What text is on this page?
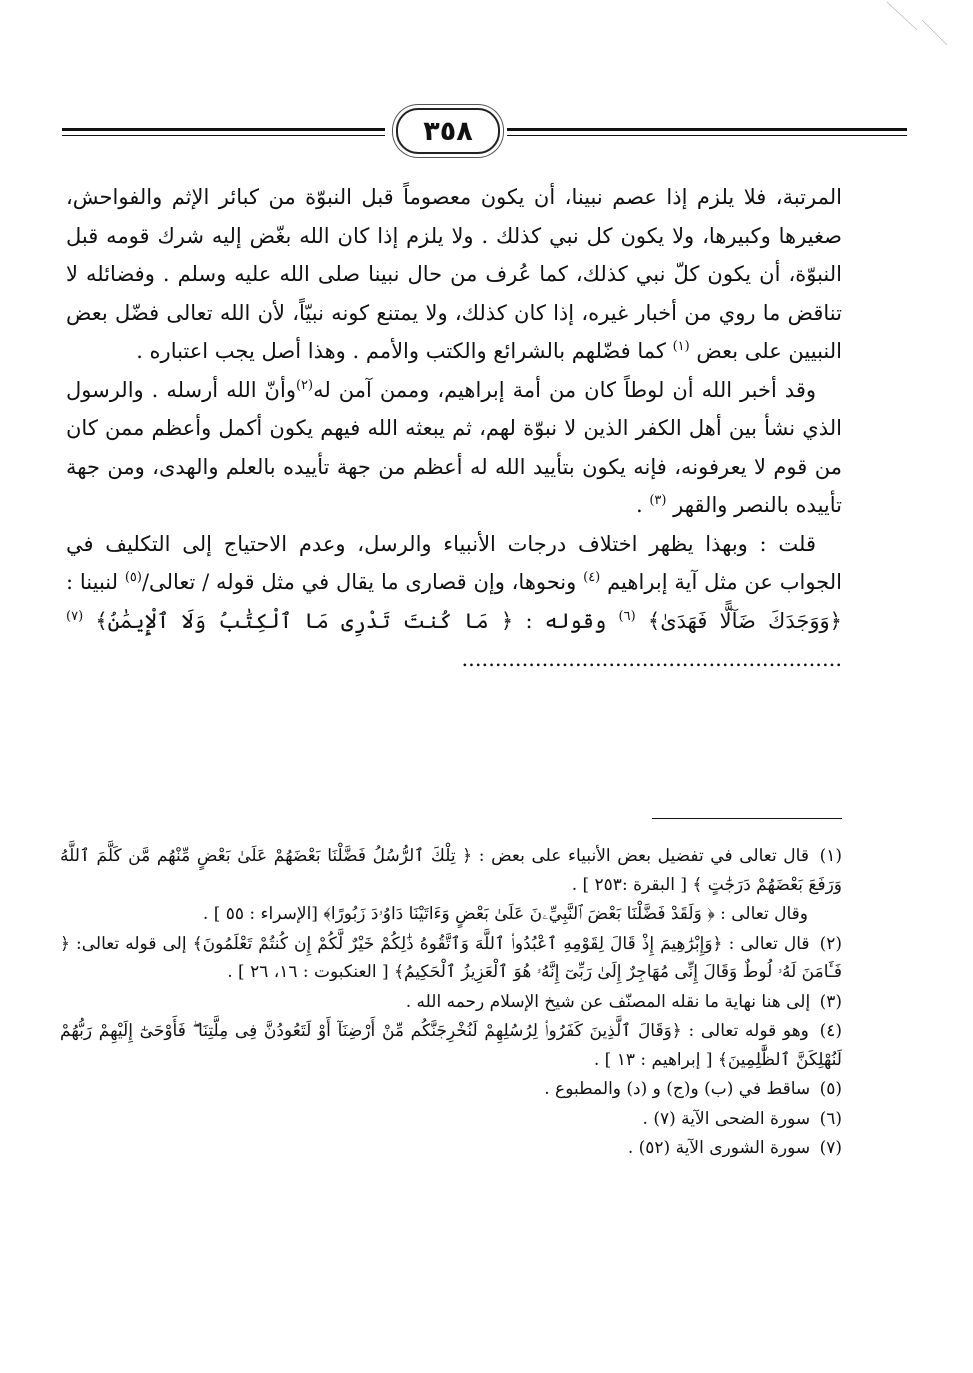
٣٥٨

المرتبة، فلا يلزم إذا عصم نبينا، أن يكون معصوماً قبل النبوّة من كبائر الإثم والفواحش، صغيرها وكبيرها، ولا يكون كل نبي كذلك . ولا يلزم إذا كان الله بغّض إليه شرك قومه قبل النبوّة، أن يكون كلّ نبي كذلك، كما عُرف من حال نبينا صلى الله عليه وسلم . وفضائله لا تناقض ما روي من أخبار غيره، إذا كان كذلك، ولا يمتنع كونه نبيّاً، لأن الله تعالى فضّل بعض النبيين على بعض $^{(١)}$ كما فضّلهم بالشرائع والكتب والأمم . وهذا أصل يجب اعتباره .

وقد أخبر الله أن لوطاً كان من أمة إبراهيم، وممن آمن له$^{(٢)}$وأنّ الله أرسله . والرسول الذي نشأ بين أهل الكفر الذين لا نبوّة لهم، ثم يبعثه الله فيهم يكون أكمل وأعظم ممن كان من قوم لا يعرفونه، فإنه يكون بتأييد الله له أعظم من جهة تأييده بالعلم والهدى، ومن جهة تأييده بالنصر والقهر $^{(٣)}$ .

قلت : وبهذا يظهر اختلاف درجات الأنبياء والرسل، وعدم الاحتياج إلى التكليف في الجواب عن مثل آية إبراهيم $^{(٤)}$ ونحوها، وإن قصارى ما يقال في مثل قوله / تعالى/$^{(٥)}$ لنبينا : ﴿وَوَجَدَكَ ضَآلًّا فَهَدَىٰ﴾ $^{(٦)}$ وقوله : ﴿ مَا كُنتَ تَدْرِى مَا ٱلْكِتَٰبُ وَلَا ٱلْإِيمَٰنُ﴾ $^{(٧)}$ .........................................................

(١) قال تعالى في تفضيل بعض الأنبياء على بعض : ﴿ تِلْكَ ٱلرُّسُلُ فَضَّلْنَا بَعْضَهُمْ عَلَىٰ بَعْضٍ مِّنْهُم مَّن كَلَّمَ ٱللَّهُ وَرَفَعَ بَعْضَهُمْ دَرَجَٰتٍ ﴾ [ البقرة :٢٥٣ ] .

وقال تعالى : ﴿ وَلَقَدْ فَضَّلْنَا بَعْضَ ٱلنَّبِيِّۦنَ عَلَىٰ بَعْضٍ وَءَاتَيْنَا دَاوُۥدَ زَبُورًا﴾ [الإسراء : ٥٥ ] .

(٢) قال تعالى : ﴿وَإِبْرَٰهِيمَ إِذْ قَالَ لِقَوْمِهِ ٱعْبُدُوا۟ ٱللَّهَ وَٱتَّقُوهُ ذَٰلِكُمْ خَيْرٌ لَّكُمْ إِن كُنتُمْ تَعْلَمُونَ﴾ إلى قوله تعالى: ﴿ فَـَٔامَنَ لَهُۥ لُوطٌ وَقَالَ إِنِّى مُهَاجِرٌ إِلَىٰ رَبِّىٓ إِنَّهُۥ هُوَ ٱلْعَزِيزُ ٱلْحَكِيمُ﴾ [ العنكبوت : ١٦، ٢٦ ] .

(٣) إلى هنا نهاية ما نقله المصنّف عن شيخ الإسلام رحمه الله .

(٤) وهو قوله تعالى : ﴿وَقَالَ ٱلَّذِينَ كَفَرُوا۟ لِرُسُلِهِمْ لَنُخْرِجَنَّكُم مِّنْ أَرْضِنَآ أَوْ لَتَعُودُنَّ فِى مِلَّتِنَا ۖ فَأَوْحَىٰٓ إِلَيْهِمْ رَبُّهُمْ لَنُهْلِكَنَّ ٱلظَّٰلِمِينَ﴾ [ إبراهيم : ١٣ ] .

(٥) ساقط في (ب) و(ج) و (د) والمطبوع .

(٦) سورة الضحى الآية (٧) .

(٧) سورة الشورى الآية (٥٢) .
